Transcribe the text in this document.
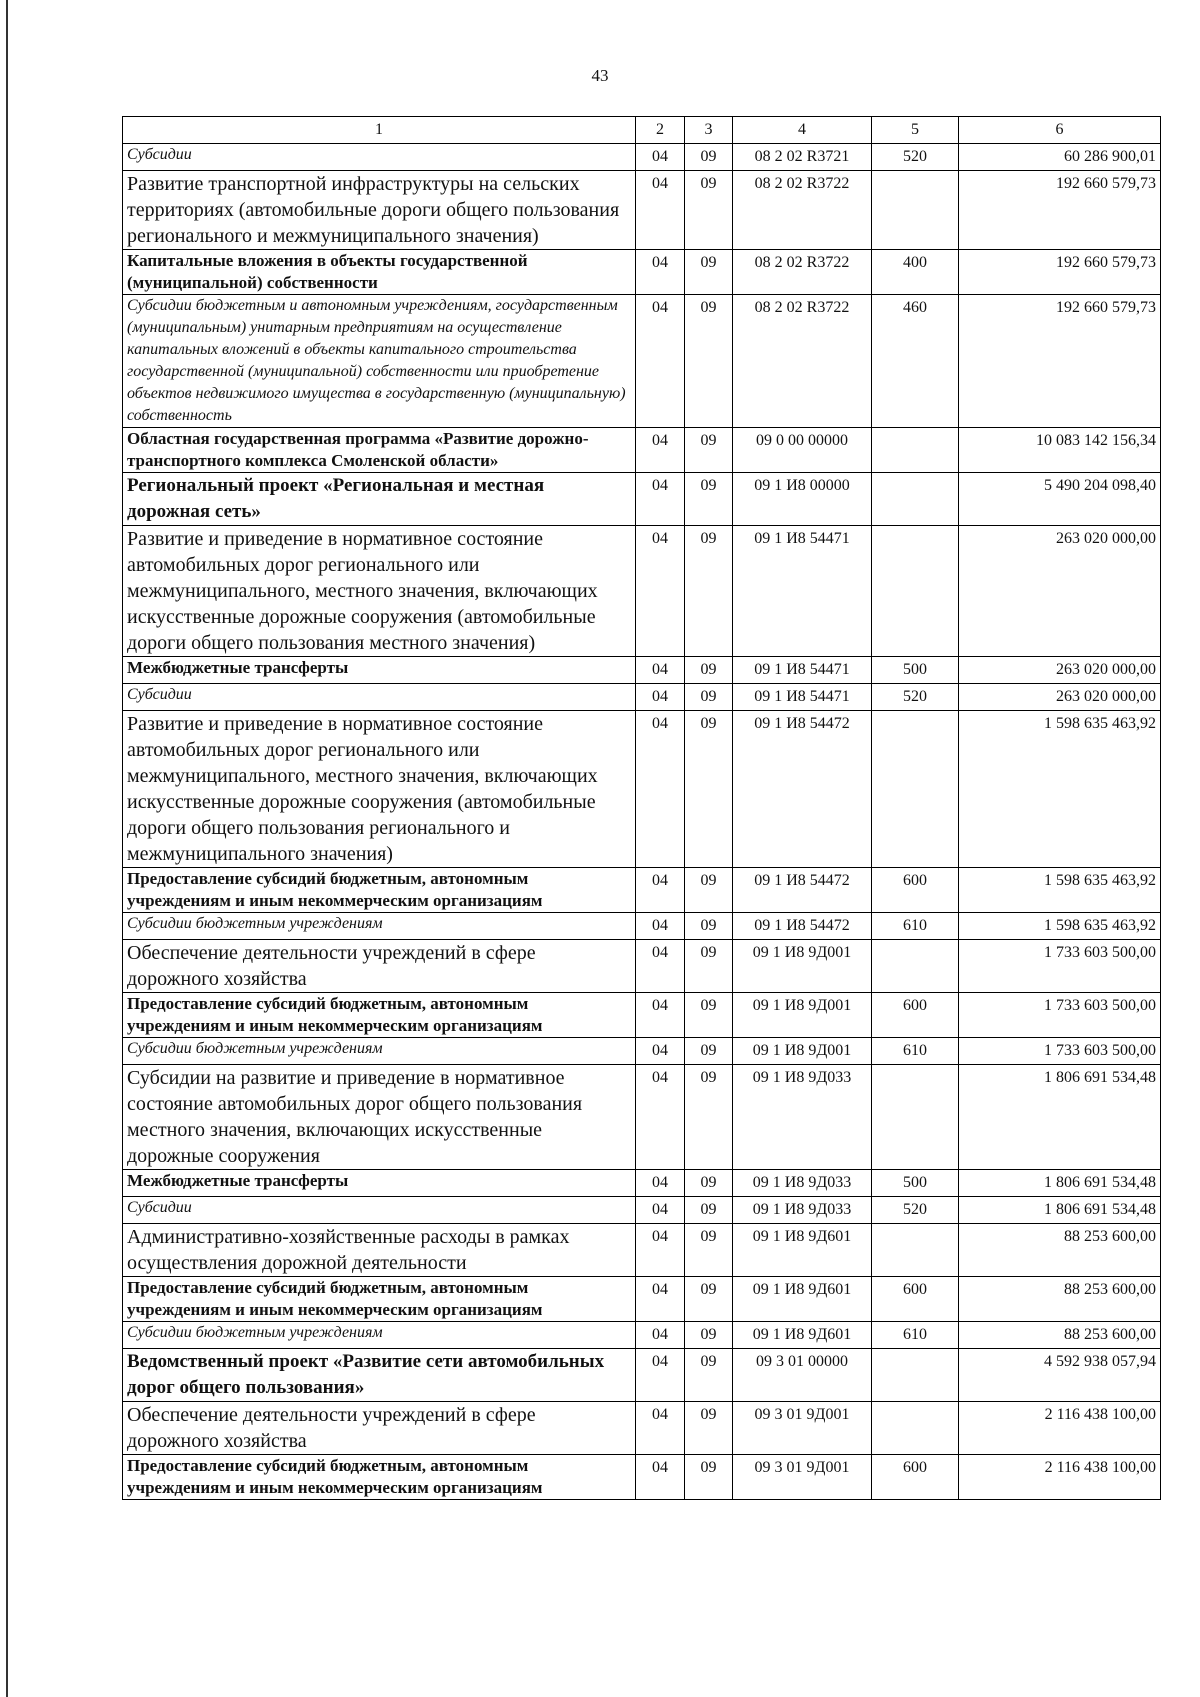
43
1	2	3	4	5	6
Субсидии	04	09	08 2 02 R3721	520	60 286 900,01
Развитие транспортной инфраструктуры на сельских территориях (автомобильные дороги общего пользования регионального и межмуниципального значения)	04	09	08 2 02 R3722		192 660 579,73
Капитальные вложения в объекты государственной (муниципальной) собственности	04	09	08 2 02 R3722	400	192 660 579,73
Субсидии бюджетным и автономным учреждениям, государственным (муниципальным) унитарным предприятиям на осуществление капитальных вложений в объекты капитального строительства государственной (муниципальной) собственности или приобретение объектов недвижимого имущества в государственную (муниципальную) собственность	04	09	08 2 02 R3722	460	192 660 579,73
Областная государственная программа «Развитие дорожно-транспортного комплекса Смоленской области»	04	09	09 0 00 00000		10 083 142 156,34
Региональный проект «Региональная и местная дорожная сеть»	04	09	09 1 И8 00000		5 490 204 098,40
Развитие и приведение в нормативное состояние автомобильных дорог регионального или межмуниципального, местного значения, включающих искусственные дорожные сооружения (автомобильные дороги общего пользования местного значения)	04	09	09 1 И8 54471		263 020 000,00
Межбюджетные трансферты	04	09	09 1 И8 54471	500	263 020 000,00
Субсидии	04	09	09 1 И8 54471	520	263 020 000,00
Развитие и приведение в нормативное состояние автомобильных дорог регионального или межмуниципального, местного значения, включающих искусственные дорожные сооружения (автомобильные дороги общего пользования регионального и межмуниципального значения)	04	09	09 1 И8 54472		1 598 635 463,92
Предоставление субсидий бюджетным, автономным учреждениям и иным некоммерческим организациям	04	09	09 1 И8 54472	600	1 598 635 463,92
Субсидии бюджетным учреждениям	04	09	09 1 И8 54472	610	1 598 635 463,92
Обеспечение деятельности учреждений в сфере дорожного хозяйства	04	09	09 1 И8 9Д001		1 733 603 500,00
Предоставление субсидий бюджетным, автономным учреждениям и иным некоммерческим организациям	04	09	09 1 И8 9Д001	600	1 733 603 500,00
Субсидии бюджетным учреждениям	04	09	09 1 И8 9Д001	610	1 733 603 500,00
Субсидии на развитие и приведение в нормативное состояние автомобильных дорог общего пользования местного значения, включающих искусственные дорожные сооружения	04	09	09 1 И8 9Д033		1 806 691 534,48
Межбюджетные трансферты	04	09	09 1 И8 9Д033	500	1 806 691 534,48
Субсидии	04	09	09 1 И8 9Д033	520	1 806 691 534,48
Административно-хозяйственные расходы в рамках осуществления дорожной деятельности	04	09	09 1 И8 9Д601		88 253 600,00
Предоставление субсидий бюджетным, автономным учреждениям и иным некоммерческим организациям	04	09	09 1 И8 9Д601	600	88 253 600,00
Субсидии бюджетным учреждениям	04	09	09 1 И8 9Д601	610	88 253 600,00
Ведомственный проект «Развитие сети автомобильных дорог общего пользования»	04	09	09 3 01 00000		4 592 938 057,94
Обеспечение деятельности учреждений в сфере дорожного хозяйства	04	09	09 3 01 9Д001		2 116 438 100,00
Предоставление субсидий бюджетным, автономным учреждениям и иным некоммерческим организациям	04	09	09 3 01 9Д001	600	2 116 438 100,00
